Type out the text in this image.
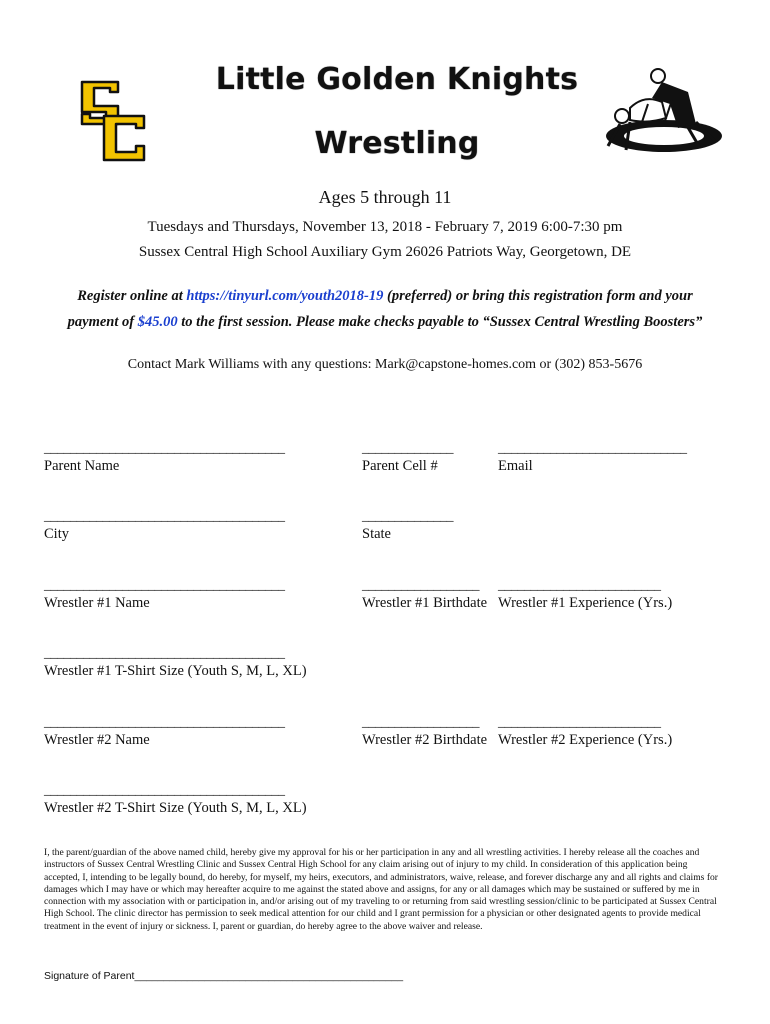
Little Golden Knights
Wrestling
Ages 5 through 11
Tuesdays and Thursdays, November 13, 2018 - February 7, 2019 6:00-7:30 pm
Sussex Central High School Auxiliary Gym 26026 Patriots Way, Georgetown, DE
Register online at https://tinyurl.com/youth2018-19 (preferred) or bring this registration form and your
payment of $45.00 to the first session. Please make checks payable to “Sussex Central Wrestling Boosters”
Contact Mark Williams with any questions: Mark@capstone-homes.com or (302) 853-5676
_____________________________________	______________	_____________________________
Parent Name	Parent Cell #	Email
_____________________________________	______________
City	State
_____________________________________	__________________ _________________________
Wrestler #1 Name	Wrestler #1 Birthdate Wrestler #1 Experience (Yrs.)
_____________________________________
Wrestler #1 T-Shirt Size (Youth S, M, L, XL)
_____________________________________	__________________ _________________________
Wrestler #2 Name	Wrestler #2 Birthdate Wrestler #2 Experience (Yrs.)
_____________________________________
Wrestler #2 T-Shirt Size (Youth S, M, L, XL)
I, the parent/guardian of the above named child, hereby give my approval for his or her participation in any and all wrestling activities. I hereby release all the coaches and instructors of Sussex Central Wrestling Clinic and Sussex Central High School for any claim arising out of injury to my child. In consideration of this application being accepted, I, intending to be legally bound, do hereby, for myself, my heirs, executors, and administrators, waive, release, and forever discharge any and all rights and claims for damages which I may have or which may hereafter acquire to me against the stated above and assigns, for any or all damages which may be sustained or suffered by me in connection with my association with or participation in, and/or arising out of my traveling to or returning from said wrestling session/clinic to be participated at Sussex Central High School. The clinic director has permission to seek medical attention for our child and I grant permission for a physician or other designated agents to provide medical treatment in the event of injury or sickness. I, parent or guardian, do hereby agree to the above waiver and release.
Signature of Parent______________________________________________
